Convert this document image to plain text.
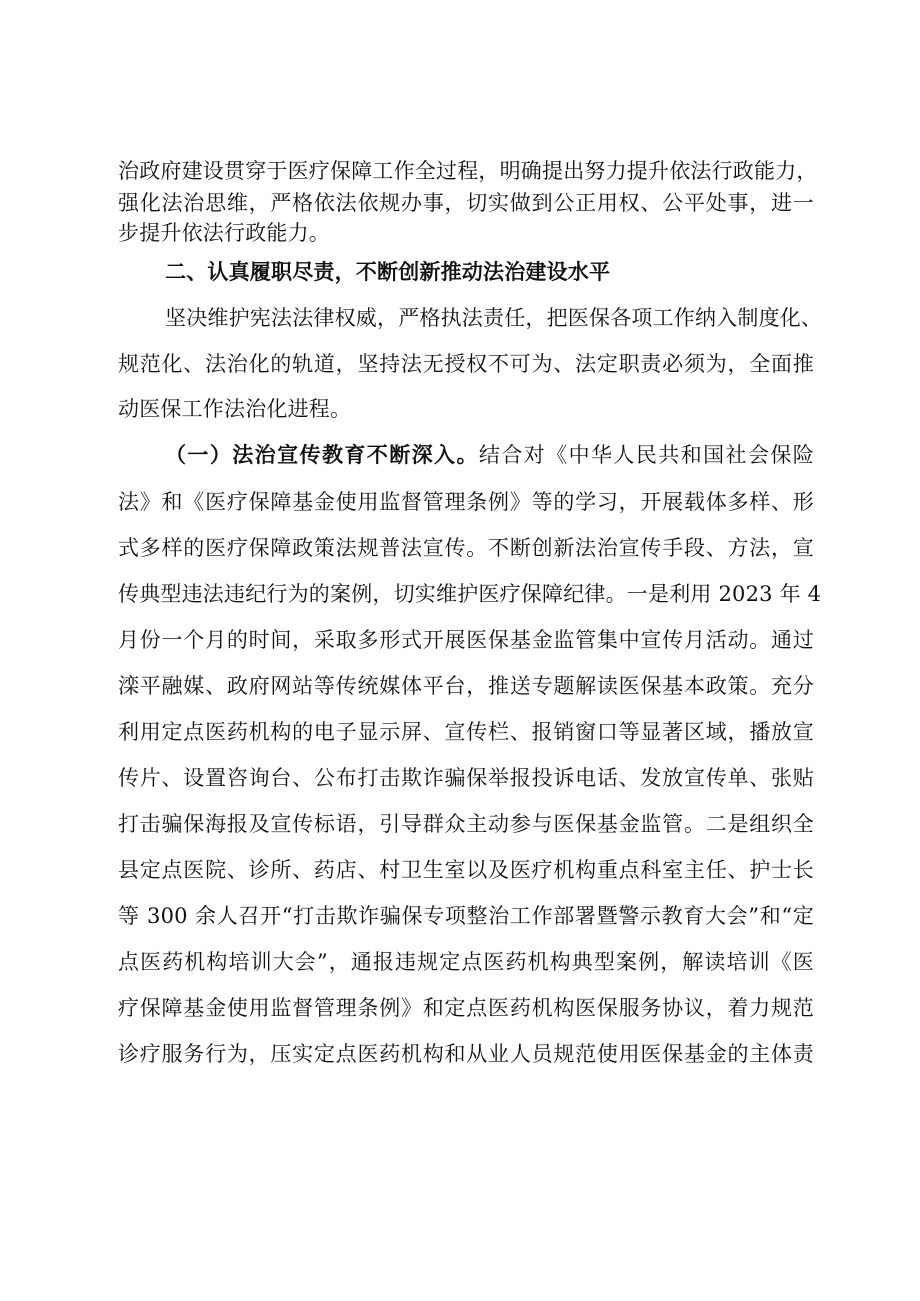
治政府建设贯穿于医疗保障工作全过程，明确提出努力提升依法行政能力，
强化法治思维，严格依法依规办事，切实做到公正用权、公平处事，进一
步提升依法行政能力。
二、认真履职尽责，不断创新推动法治建设水平
坚决维护宪法法律权威，严格执法责任，把医保各项工作纳入制度化、
规范化、法治化的轨道，坚持法无授权不可为、法定职责必须为，全面推
动医保工作法治化进程。
（一）法治宣传教育不断深入。结合对《中华人民共和国社会保险
法》和《医疗保障基金使用监督管理条例》等的学习，开展载体多样、形
式多样的医疗保障政策法规普法宣传。不断创新法治宣传手段、方法，宣
传典型违法违纪行为的案例，切实维护医疗保障纪律。一是利用 2023 年 4
月份一个月的时间，采取多形式开展医保基金监管集中宣传月活动。通过
滦平融媒、政府网站等传统媒体平台，推送专题解读医保基本政策。充分
利用定点医药机构的电子显示屏、宣传栏、报销窗口等显著区域，播放宣
传片、设置咨询台、公布打击欺诈骗保举报投诉电话、发放宣传单、张贴
打击骗保海报及宣传标语，引导群众主动参与医保基金监管。二是组织全
县定点医院、诊所、药店、村卫生室以及医疗机构重点科室主任、护士长
等 300 余人召开“打击欺诈骗保专项整治工作部署暨警示教育大会”和“定
点医药机构培训大会”，通报违规定点医药机构典型案例，解读培训《医
疗保障基金使用监督管理条例》和定点医药机构医保服务协议，着力规范
诊疗服务行为，压实定点医药机构和从业人员规范使用医保基金的主体责
